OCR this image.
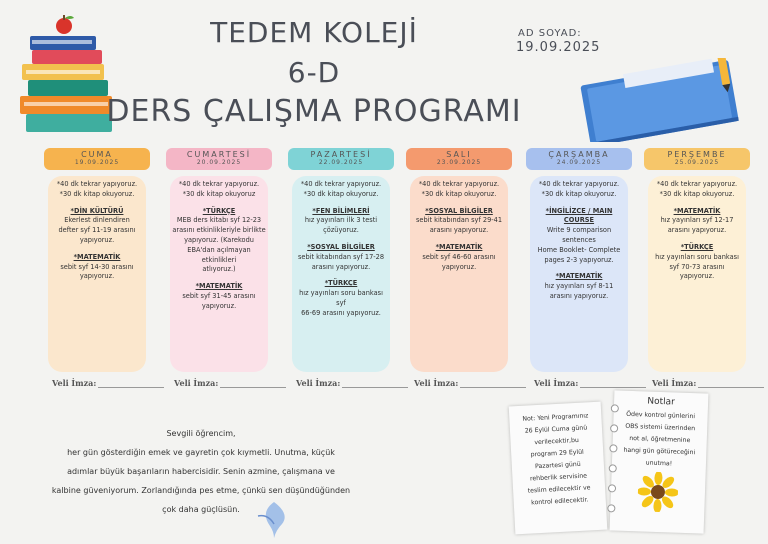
TEDEM KOLEJİ
6-D
DERS ÇALIŞMA PROGRAMI
AD SOYAD:
19.09.2025
CUMA
19.09.2025
*40 dk tekrar yapıyoruz.
*30 dk kitap okuyoruz.
*DİN KÜLTÜRÜ
Ekerlest dinlendiren
defter syf 11-19 arasını
yapıyoruz.
*MATEMATİK
sebit syf 14-30 arasını
yapıyoruz.
Veli İmza:
CUMARTESİ
20.09.2025
*40 dk tekrar yapıyoruz.
*30 dk kitap okuyoruz
*TÜRKÇE
MEB ders kitabı syf 12-23
arasını etkinlikleriyle birlikte
yapıyoruz. (Karekodu
EBA'dan açılmayan etkinlikleri
atlıyoruz.)
*MATEMATİK
sebit syf 31-45 arasını
yapıyoruz.
Veli İmza:
PAZARTESİ
22.09.2025
*40 dk tekrar yapıyoruz.
*30 dk kitap okuyoruz.
*FEN BİLİMLERİ
hız yayınları ilk 3 testi
çözüyoruz.
*SOSYAL BİLGİLER
sebit kitabından syf 17-28
arasını yapıyoruz.
*TÜRKÇE
hız yayınları soru bankası syf
66-69 arasını yapıyoruz.
Veli İmza:
SALI
23.09.2025
*40 dk tekrar yapıyoruz.
*30 dk kitap okuyoruz.
*SOSYAL BİLGİLER
sebit kitabından syf 29-41
arasını yapıyoruz.
*MATEMATİK
sebit syf 46-60 arasını
yapıyoruz.
Veli İmza:
ÇARŞAMBA
24.09.2025
*40 dk tekrar yapıyoruz.
*30 dk kitap okuyoruz.
*İNGİLİZCE / MAIN
COURSE
Write 9 comparison
sentences
Home Booklet- Complete
pages 2-3 yapıyoruz.
*MATEMATİK
hız yayınları syf 8-11
arasını yapıyoruz.
Veli İmza:
PERŞEMBE
25.09.2025
*40 dk tekrar yapıyoruz.
*30 dk kitap okuyoruz.
*MATEMATİK
hız yayınları syf 12-17
arasını yapıyoruz.
*TÜRKÇE
hız yayınları soru bankası
syf 70-73 arasını
yapıyoruz.
Veli İmza:
Sevgili öğrencim,
her gün gösterdiğin emek ve gayretin çok kıymetli. Unutma, küçük
adımlar büyük başarıların habercisidir. Senin azmine, çalışmana ve
kalbine güveniyorum. Zorlandığında pes etme, çünkü sen düşündüğünden
çok daha güçlüsün.
Not: Yeni Programınız
26 Eylül Cuma günü
verilecektir,bu
program 29 Eylül
Pazartesi günü
rehberlik servisine
teslim edilecektir ve
kontrol edilecektir.
Notlar
Ödev kontrol günlerini
OBS sistemi üzerinden
not al, öğretmenine
hangi gün götüreceğini
unutma!
